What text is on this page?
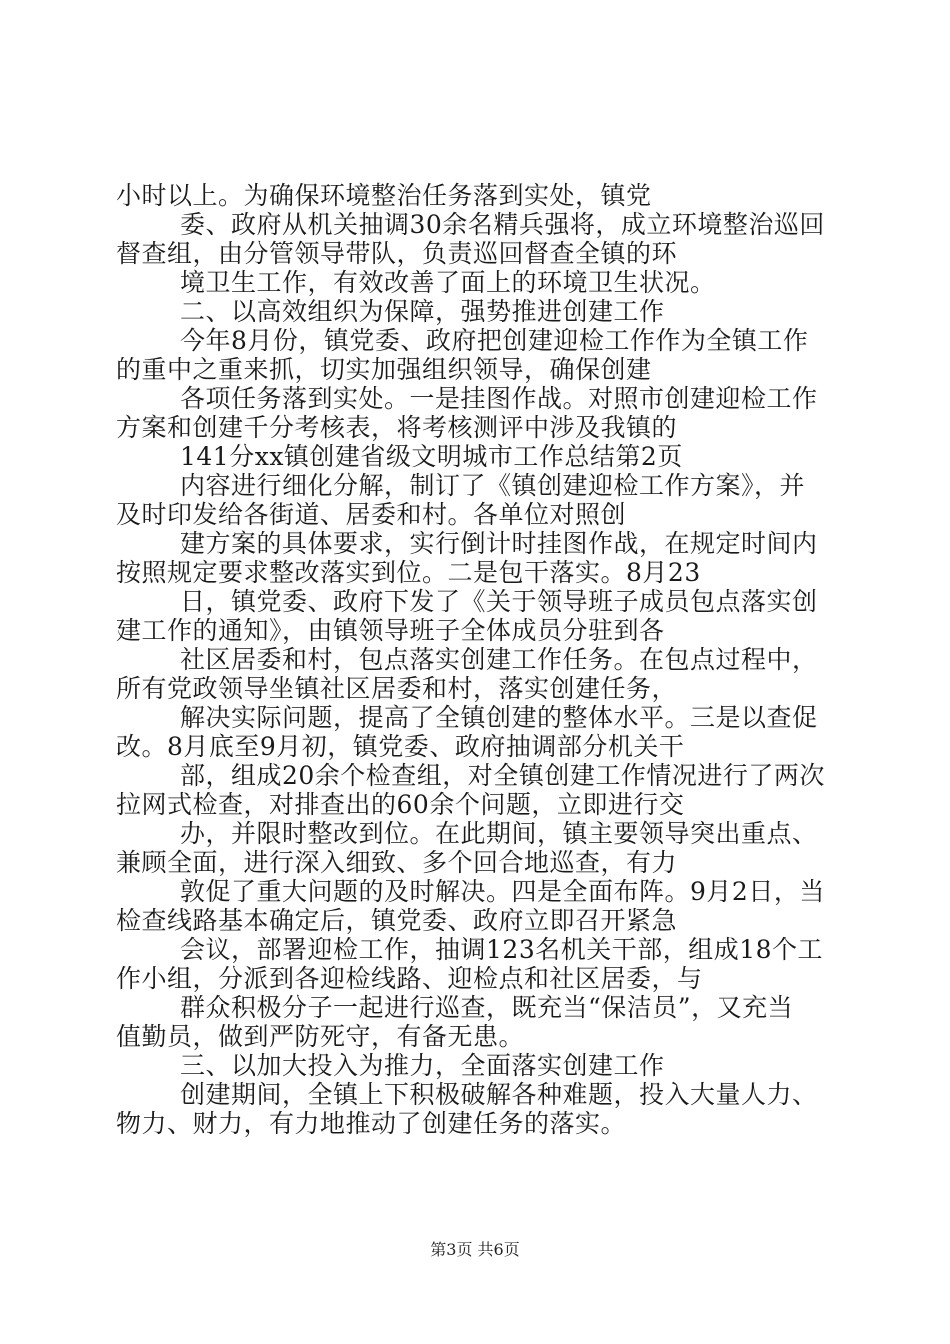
小时以上。为确保环境整治任务落到实处，镇党
委、政府从机关抽调30余名精兵强将，成立环境整治巡回
督查组，由分管领导带队，负责巡回督查全镇的环
境卫生工作，有效改善了面上的环境卫生状况。
二、以高效组织为保障，强势推进创建工作
今年8月份，镇党委、政府把创建迎检工作作为全镇工作
的重中之重来抓，切实加强组织领导，确保创建
各项任务落到实处。一是挂图作战。对照市创建迎检工作
方案和创建千分考核表，将考核测评中涉及我镇的
141分xx镇创建省级文明城市工作总结第2页
内容进行细化分解，制订了《镇创建迎检工作方案》，并
及时印发给各街道、居委和村。各单位对照创
建方案的具体要求，实行倒计时挂图作战，在规定时间内
按照规定要求整改落实到位。二是包干落实。8月23
日，镇党委、政府下发了《关于领导班子成员包点落实创
建工作的通知》，由镇领导班子全体成员分驻到各
社区居委和村，包点落实创建工作任务。在包点过程中，
所有党政领导坐镇社区居委和村，落实创建任务，
解决实际问题，提高了全镇创建的整体水平。三是以查促
改。8月底至9月初，镇党委、政府抽调部分机关干
部，组成20余个检查组，对全镇创建工作情况进行了两次
拉网式检查，对排查出的60余个问题，立即进行交
办，并限时整改到位。在此期间，镇主要领导突出重点、
兼顾全面，进行深入细致、多个回合地巡查，有力
敦促了重大问题的及时解决。四是全面布阵。9月2日，当
检查线路基本确定后，镇党委、政府立即召开紧急
会议，部署迎检工作，抽调123名机关干部，组成18个工
作小组，分派到各迎检线路、迎检点和社区居委，与
群众积极分子一起进行巡查，既充当“保洁员”，又充当
值勤员，做到严防死守，有备无患。
三、以加大投入为推力，全面落实创建工作
创建期间，全镇上下积极破解各种难题，投入大量人力、
物力、财力，有力地推动了创建任务的落实。
第3页 共6页
